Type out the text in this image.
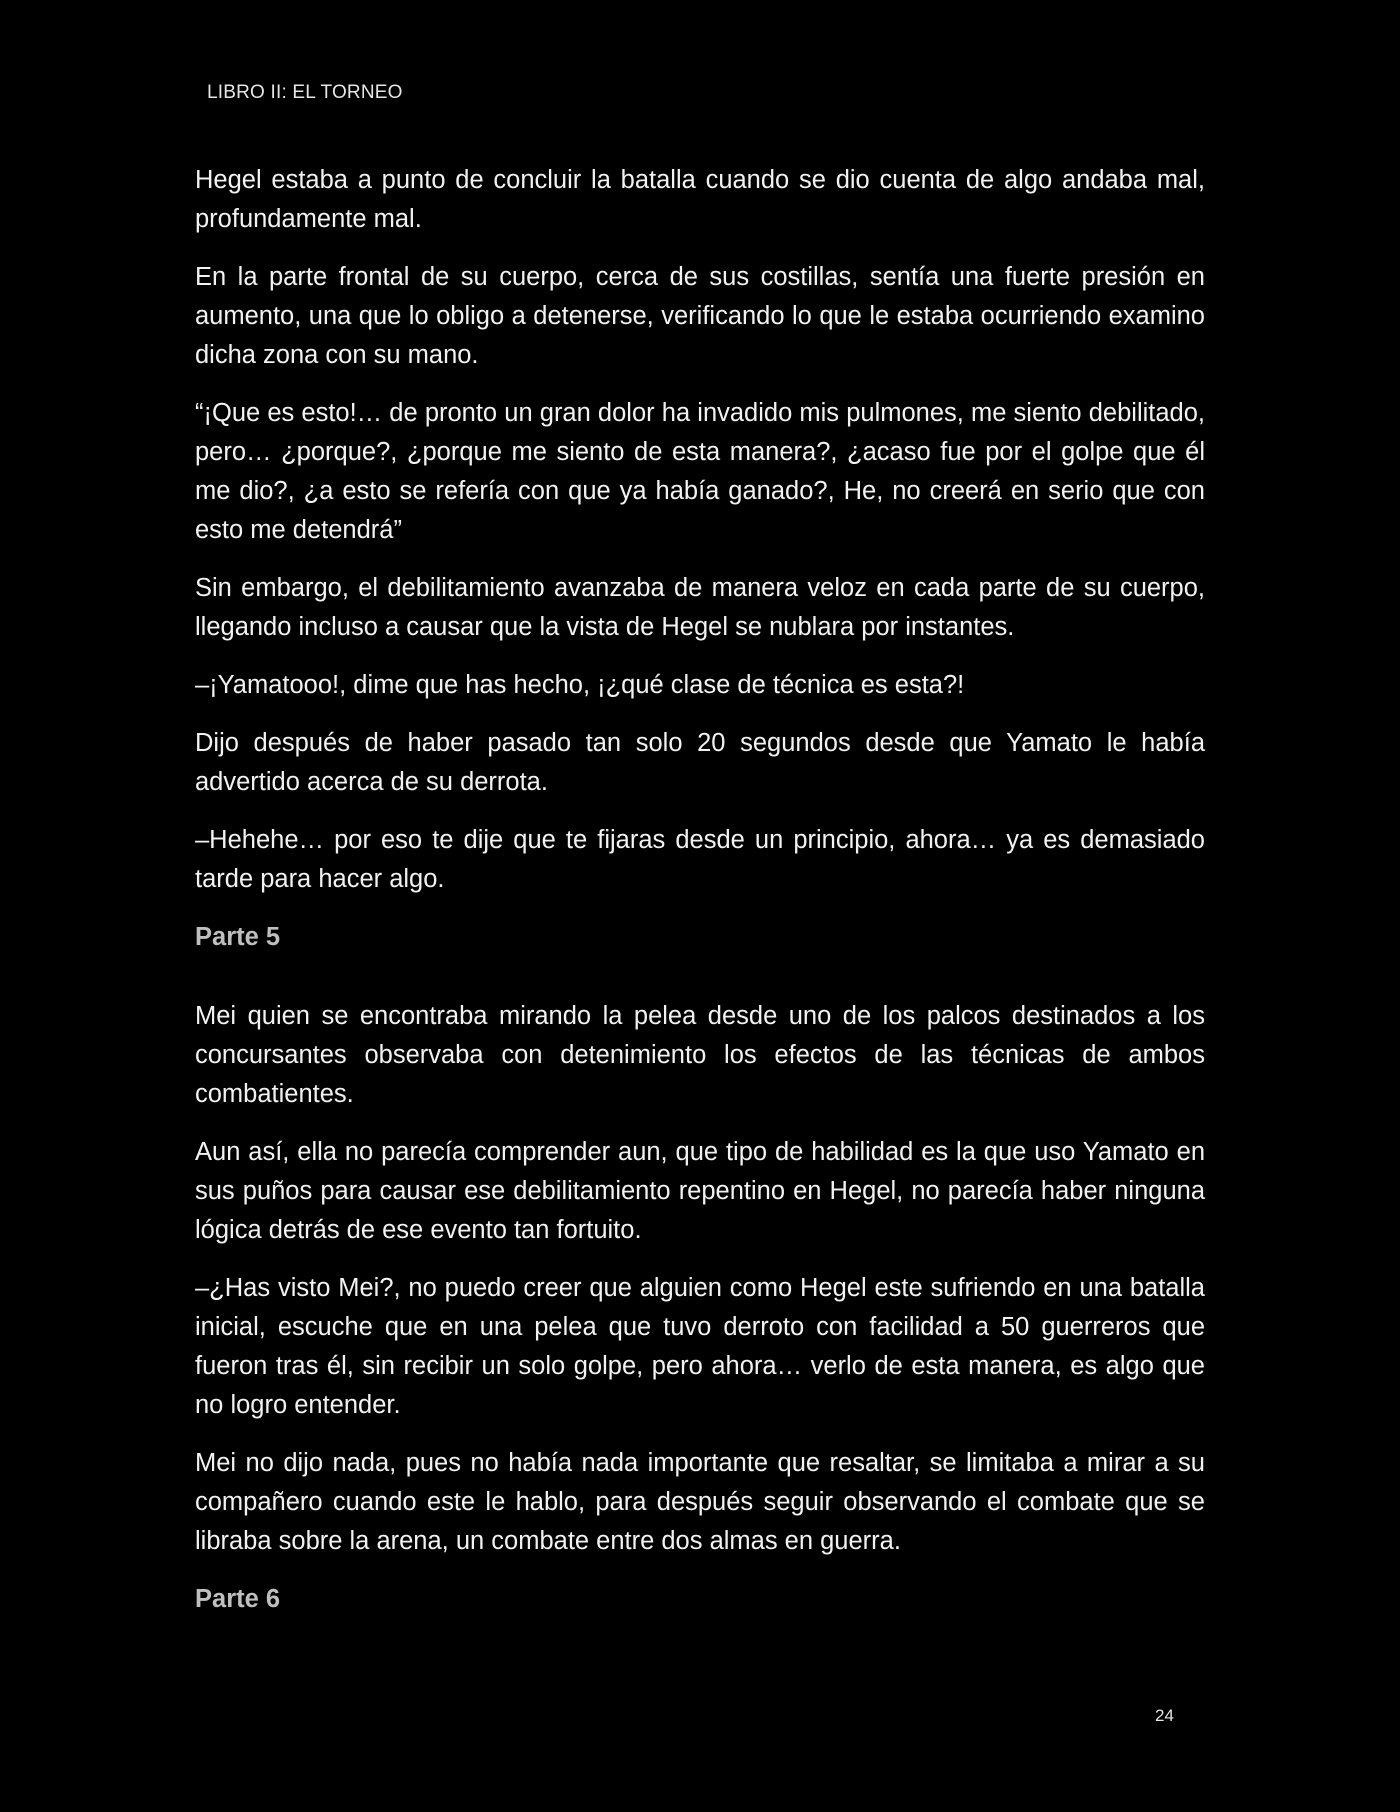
LIBRO II: EL TORNEO

Hegel estaba a punto de concluir la batalla cuando se dio cuenta de algo andaba mal, profundamente mal.

En la parte frontal de su cuerpo, cerca de sus costillas, sentía una fuerte presión en aumento, una que lo obligo a detenerse, verificando lo que le estaba ocurriendo examino dicha zona con su mano.

“¡Que es esto!… de pronto un gran dolor ha invadido mis pulmones, me siento debilitado, pero… ¿porque?, ¿porque me siento de esta manera?, ¿acaso fue por el golpe que él me dio?, ¿a esto se refería con que ya había ganado?, He, no creerá en serio que con esto me detendrá”

Sin embargo, el debilitamiento avanzaba de manera veloz en cada parte de su cuerpo, llegando incluso a causar que la vista de Hegel se nublara por instantes.

–¡Yamatooo!, dime que has hecho, ¡¿qué clase de técnica es esta?!

Dijo después de haber pasado tan solo 20 segundos desde que Yamato le había advertido acerca de su derrota.

–Hehehe… por eso te dije que te fijaras desde un principio, ahora… ya es demasiado tarde para hacer algo.

Parte 5

Mei quien se encontraba mirando la pelea desde uno de los palcos destinados a los concursantes observaba con detenimiento los efectos de las técnicas de ambos combatientes.

Aun así, ella no parecía comprender aun, que tipo de habilidad es la que uso Yamato en sus puños para causar ese debilitamiento repentino en Hegel, no parecía haber ninguna lógica detrás de ese evento tan fortuito.

–¿Has visto Mei?, no puedo creer que alguien como Hegel este sufriendo en una batalla inicial, escuche que en una pelea que tuvo derroto con facilidad a 50 guerreros que fueron tras él, sin recibir un solo golpe, pero ahora… verlo de esta manera, es algo que no logro entender.

Mei no dijo nada, pues no había nada importante que resaltar, se limitaba a mirar a su compañero cuando este le hablo, para después seguir observando el combate que se libraba sobre la arena, un combate entre dos almas en guerra.

Parte 6
24
